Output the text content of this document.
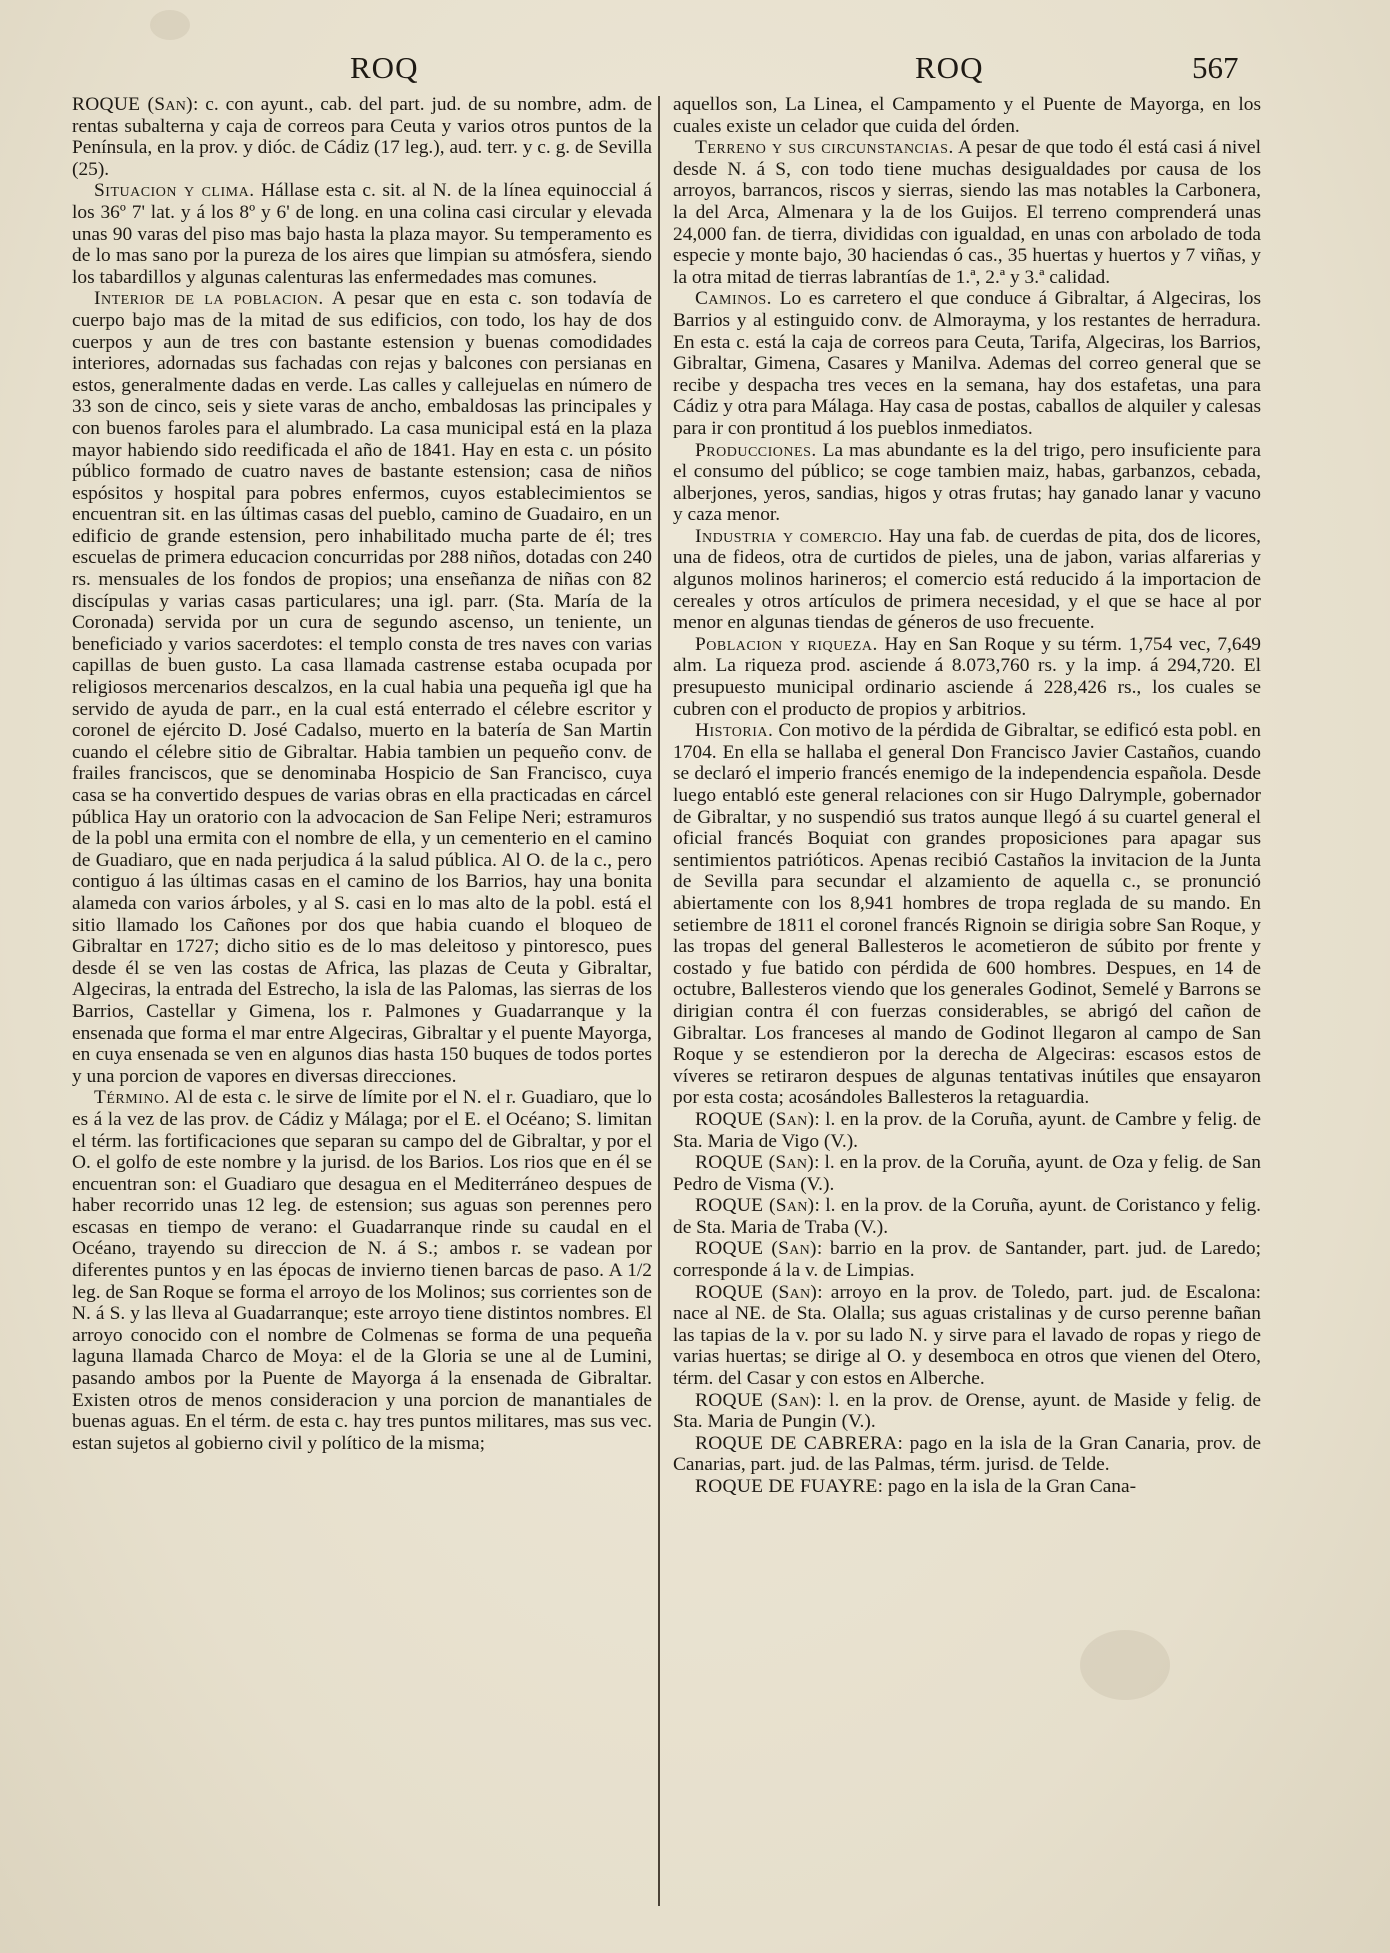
ROQ	ROQ	567

ROQUE (San): c. con ayunt., cab. del part. jud. de su nombre, adm. de rentas subalterna y caja de correos para Ceuta y varios otros puntos de la Península, en la prov. y dióc. de Cádiz (17 leg.), aud. terr. y c. g. de Sevilla (25).

Situacion y clima. Hállase esta c. sit. al N. de la línea equinoccial á los 36º 7' lat. y á los 8º y 6' de long. en una colina casi circular y elevada unas 90 varas del piso mas bajo hasta la plaza mayor. Su temperamento es de lo mas sano por la pureza de los aires que limpian su atmósfera, siendo los tabardillos y algunas calenturas las enfermedades mas comunes.

Interior de la poblacion. A pesar que en esta c. son todavía de cuerpo bajo mas de la mitad de sus edificios, con todo, los hay de dos cuerpos y aun de tres con bastante estension y buenas comodidades interiores, adornadas sus fachadas con rejas y balcones con persianas en estos, generalmente dadas en verde. Las calles y callejuelas en número de 33 son de cinco, seis y siete varas de ancho, embaldosas las principales y con buenos faroles para el alumbrado. La casa municipal está en la plaza mayor habiendo sido reedificada el año de 1841. Hay en esta c. un pósito público formado de cuatro naves de bastante estension; casa de niños espósitos y hospital para pobres enfermos, cuyos establecimientos se encuentran sit. en las últimas casas del pueblo, camino de Guadairo, en un edificio de grande estension, pero inhabilitado mucha parte de él; tres escuelas de primera educacion concurridas por 288 niños, dotadas con 240 rs. mensuales de los fondos de propios; una enseñanza de niñas con 82 discípulas y varias casas particulares; una igl. parr. (Sta. María de la Coronada) servida por un cura de segundo ascenso, un teniente, un beneficiado y varios sacerdotes: el templo consta de tres naves con varias capillas de buen gusto. La casa llamada castrense estaba ocupada por religiosos mercenarios descalzos, en la cual habia una pequeña igl que ha servido de ayuda de parr., en la cual está enterrado el célebre escritor y coronel de ejército D. José Cadalso, muerto en la batería de San Martin cuando el célebre sitio de Gibraltar. Habia tambien un pequeño conv. de frailes franciscos, que se denominaba Hospicio de San Francisco, cuya casa se ha convertido despues de varias obras en ella practicadas en cárcel pública Hay un oratorio con la advocacion de San Felipe Neri; estramuros de la pobl una ermita con el nombre de ella, y un cementerio en el camino de Guadiaro, que en nada perjudica á la salud pública. Al O. de la c., pero contiguo á las últimas casas en el camino de los Barrios, hay una bonita alameda con varios árboles, y al S. casi en lo mas alto de la pobl. está el sitio llamado los Cañones por dos que habia cuando el bloqueo de Gibraltar en 1727; dicho sitio es de lo mas deleitoso y pintoresco, pues desde él se ven las costas de Africa, las plazas de Ceuta y Gibraltar, Algeciras, la entrada del Estrecho, la isla de las Palomas, las sierras de los Barrios, Castellar y Gimena, los r. Palmones y Guadarranque y la ensenada que forma el mar entre Algeciras, Gibraltar y el puente Mayorga, en cuya ensenada se ven en algunos dias hasta 150 buques de todos portes y una porcion de vapores en diversas direcciones.

Término. Al de esta c. le sirve de límite por el N. el r. Guadiaro, que lo es á la vez de las prov. de Cádiz y Málaga; por el E. el Océano; S. limitan el térm. las fortificaciones que separan su campo del de Gibraltar, y por el O. el golfo de este nombre y la jurisd. de los Barios. Los rios que en él se encuentran son: el Guadiaro que desagua en el Mediterráneo despues de haber recorrido unas 12 leg. de estension; sus aguas son perennes pero escasas en tiempo de verano: el Guadarranque rinde su caudal en el Océano, trayendo su direccion de N. á S.; ambos r. se vadean por diferentes puntos y en las épocas de invierno tienen barcas de paso. A 1/2 leg. de San Roque se forma el arroyo de los Molinos; sus corrientes son de N. á S. y las lleva al Guadarranque; este arroyo tiene distintos nombres. El arroyo conocido con el nombre de Colmenas se forma de una pequeña laguna llamada Charco de Moya: el de la Gloria se une al de Lumini, pasando ambos por la Puente de Mayorga á la ensenada de Gibraltar. Existen otros de menos consideracion y una porcion de manantiales de buenas aguas. En el térm. de esta c. hay tres puntos militares, mas sus vec. estan sujetos al gobierno civil y político de la misma;

aquellos son, La Linea, el Campamento y el Puente de Mayorga, en los cuales existe un celador que cuida del órden.

Terreno y sus circunstancias. A pesar de que todo él está casi á nivel desde N. á S, con todo tiene muchas desigualdades por causa de los arroyos, barrancos, riscos y sierras, siendo las mas notables la Carbonera, la del Arca, Almenara y la de los Guijos. El terreno comprenderá unas 24,000 fan. de tierra, divididas con igualdad, en unas con arbolado de toda especie y monte bajo, 30 haciendas ó cas., 35 huertas y huertos y 7 viñas, y la otra mitad de tierras labrantías de 1.ª, 2.ª y 3.ª calidad.

Caminos. Lo es carretero el que conduce á Gibraltar, á Algeciras, los Barrios y al estinguido conv. de Almorayma, y los restantes de herradura. En esta c. está la caja de correos para Ceuta, Tarifa, Algeciras, los Barrios, Gibraltar, Gimena, Casares y Manilva. Ademas del correo general que se recibe y despacha tres veces en la semana, hay dos estafetas, una para Cádiz y otra para Málaga. Hay casa de postas, caballos de alquiler y calesas para ir con prontitud á los pueblos inmediatos.

Producciones. La mas abundante es la del trigo, pero insuficiente para el consumo del público; se coge tambien maiz, habas, garbanzos, cebada, alberjones, yeros, sandias, higos y otras frutas; hay ganado lanar y vacuno y caza menor.

Industria y comercio. Hay una fab. de cuerdas de pita, dos de licores, una de fideos, otra de curtidos de pieles, una de jabon, varias alfarerias y algunos molinos harineros; el comercio está reducido á la importacion de cereales y otros artículos de primera necesidad, y el que se hace al por menor en algunas tiendas de géneros de uso frecuente.

Poblacion y riqueza. Hay en San Roque y su térm. 1,754 vec, 7,649 alm. La riqueza prod. asciende á 8.073,760 rs. y la imp. á 294,720. El presupuesto municipal ordinario asciende á 228,426 rs., los cuales se cubren con el producto de propios y arbitrios.

Historia. Con motivo de la pérdida de Gibraltar, se edificó esta pobl. en 1704. En ella se hallaba el general Don Francisco Javier Castaños, cuando se declaró el imperio francés enemigo de la independencia española. Desde luego entabló este general relaciones con sir Hugo Dalrymple, gobernador de Gibraltar, y no suspendió sus tratos aunque llegó á su cuartel general el oficial francés Boquiat con grandes proposiciones para apagar sus sentimientos patrióticos. Apenas recibió Castaños la invitacion de la Junta de Sevilla para secundar el alzamiento de aquella c., se pronunció abiertamente con los 8,941 hombres de tropa reglada de su mando. En setiembre de 1811 el coronel francés Rignoin se dirigia sobre San Roque, y las tropas del general Ballesteros le acometieron de súbito por frente y costado y fue batido con pérdida de 600 hombres. Despues, en 14 de octubre, Ballesteros viendo que los generales Godinot, Semelé y Barrons se dirigian contra él con fuerzas considerables, se abrigó del cañon de Gibraltar. Los franceses al mando de Godinot llegaron al campo de San Roque y se estendieron por la derecha de Algeciras: escasos estos de víveres se retiraron despues de algunas tentativas inútiles que ensayaron por esta costa; acosándoles Ballesteros la retaguardia.

ROQUE (San): l. en la prov. de la Coruña, ayunt. de Cambre y felig. de Sta. Maria de Vigo (V.).

ROQUE (San): l. en la prov. de la Coruña, ayunt. de Oza y felig. de San Pedro de Visma (V.).

ROQUE (San): l. en la prov. de la Coruña, ayunt. de Coristanco y felig. de Sta. Maria de Traba (V.).

ROQUE (San): barrio en la prov. de Santander, part. jud. de Laredo; corresponde á la v. de Limpias.

ROQUE (San): arroyo en la prov. de Toledo, part. jud. de Escalona: nace al NE. de Sta. Olalla; sus aguas cristalinas y de curso perenne bañan las tapias de la v. por su lado N. y sirve para el lavado de ropas y riego de varias huertas; se dirige al O. y desemboca en otros que vienen del Otero, térm. del Casar y con estos en Alberche.

ROQUE (San): l. en la prov. de Orense, ayunt. de Maside y felig. de Sta. Maria de Pungin (V.).

ROQUE DE CABRERA: pago en la isla de la Gran Canaria, prov. de Canarias, part. jud. de las Palmas, térm. jurisd. de Telde.

ROQUE DE FUAYRE: pago en la isla de la Gran Cana-
